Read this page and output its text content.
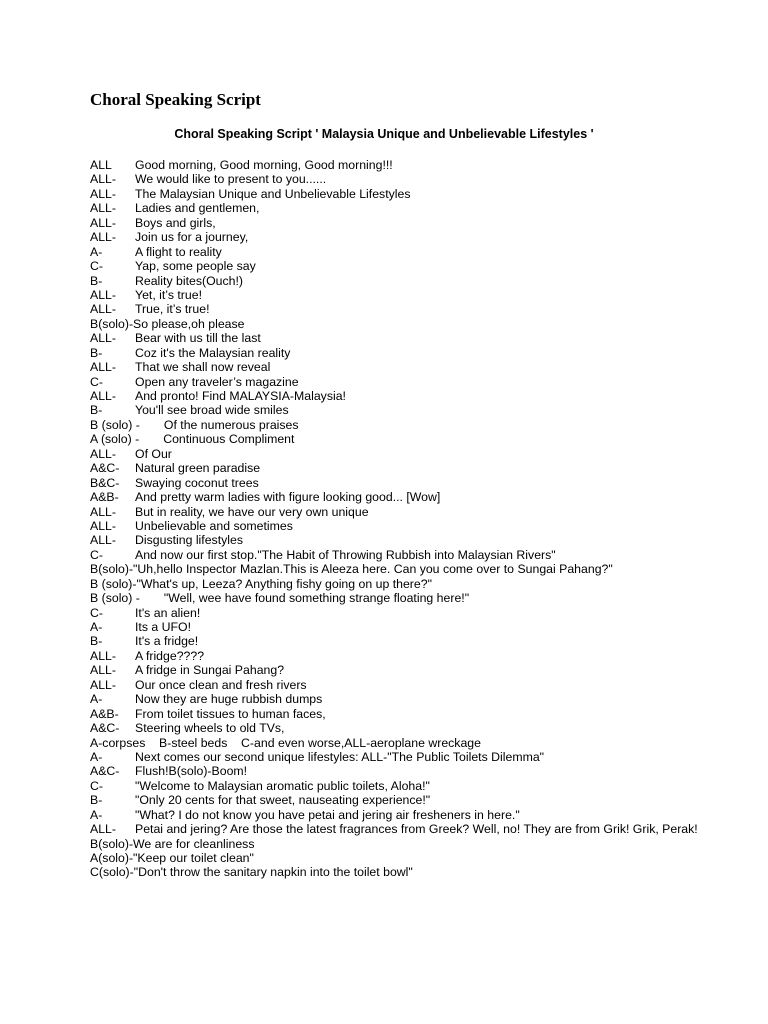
Choral Speaking Script
Choral Speaking Script ' Malaysia Unique and Unbelievable Lifestyles '
ALL Good morning, Good morning, Good morning!!!
ALL- We would like to present to you......
ALL- The Malaysian Unique and Unbelievable Lifestyles
ALL- Ladies and gentlemen,
ALL- Boys and girls,
ALL- Join us for a journey,
A-	A flight to reality
C-	Yap, some people say
B-	Reality bites(Ouch!)
ALL- Yet, it’s true!
ALL- True, it’s true!
B(solo)-So please,oh please
ALL- Bear with us till the last
B-	Coz it's the Malaysian reality
ALL- That we shall now reveal
C-	Open any traveler’s magazine
ALL- And pronto! Find MALAYSIA-Malaysia!
B-	You'll see broad wide smiles
B (solo) - Of the numerous praises
A (solo) - Continuous Compliment
ALL- Of Our
A&C- Natural green paradise
B&C- Swaying coconut trees
A&B- And pretty warm ladies with figure looking good... [Wow]
ALL- But in reality, we have our very own unique
ALL- Unbelievable and sometimes
ALL- Disgusting lifestyles
C-	And now our first stop."The Habit of Throwing Rubbish into Malaysian Rivers"
B(solo)-"Uh,hello Inspector Mazlan.This is Aleeza here. Can you come over to Sungai Pahang?"
B (solo)-"What's up, Leeza? Anything fishy going on up there?"
B (solo) - "Well, wee have found something strange floating here!"
C-	It's an alien!
A-	Its a UFO!
B-	It's a fridge!
ALL- A fridge????
ALL- A fridge in Sungai Pahang?
ALL- Our once clean and fresh rivers
A-	Now they are huge rubbish dumps
A&B- From toilet tissues to human faces,
A&C- Steering wheels to old TVs,
A-corpses    B-steel beds    C-and even worse,ALL-aeroplane wreckage
A-	Next comes our second unique lifestyles: ALL-"The Public Toilets Dilemma"
A&C- Flush!B(solo)-Boom!
C-	"Welcome to Malaysian aromatic public toilets, Aloha!"
B-	"Only 20 cents for that sweet, nauseating experience!"
A-	"What? I do not know you have petai and jering air fresheners in here."
ALL- Petai and jering? Are those the latest fragrances from Greek? Well, no! They are from Grik! Grik, Perak!
B(solo)-We are for cleanliness
A(solo)-"Keep our toilet clean"
C(solo)-"Don't throw the sanitary napkin into the toilet bowl"
